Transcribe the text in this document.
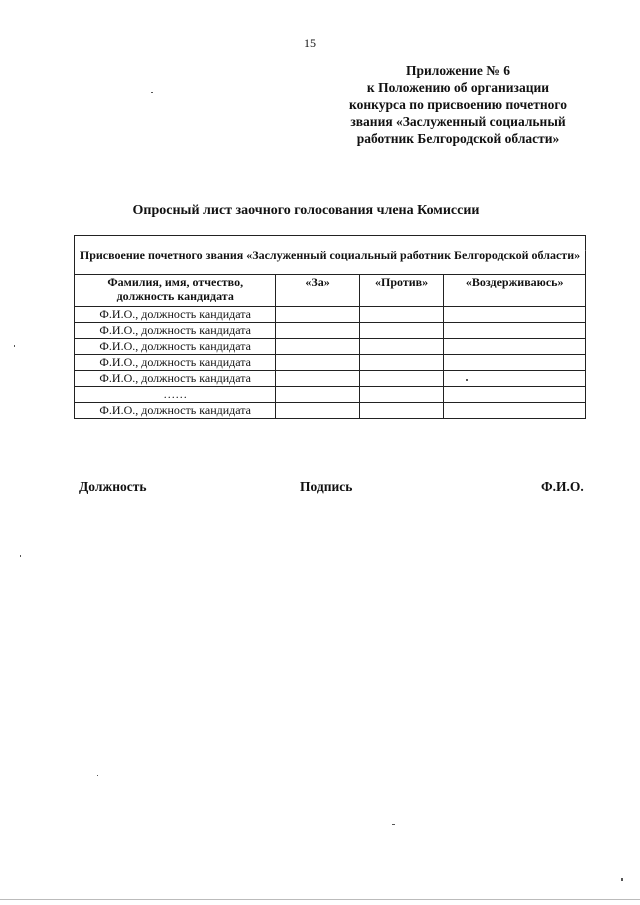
15
Приложение № 6
к Положению об организации
конкурса по присвоению почетного
звания «Заслуженный социальный
работник Белгородской области»
Опросный лист заочного голосования члена Комиссии
Присвоение почетного звания «Заслуженный социальный работник Белгородской области»			
Фамилия, имя, отчество, должность кандидата	«За»	«Против»	«Воздерживаюсь»
Ф.И.О., должность кандидата			
Ф.И.О., должность кандидата			
Ф.И.О., должность кандидата			
Ф.И.О., должность кандидата			
Ф.И.О., должность кандидата			
……			
Ф.И.О., должность кандидата			
Должность	Подпись	Ф.И.О.
